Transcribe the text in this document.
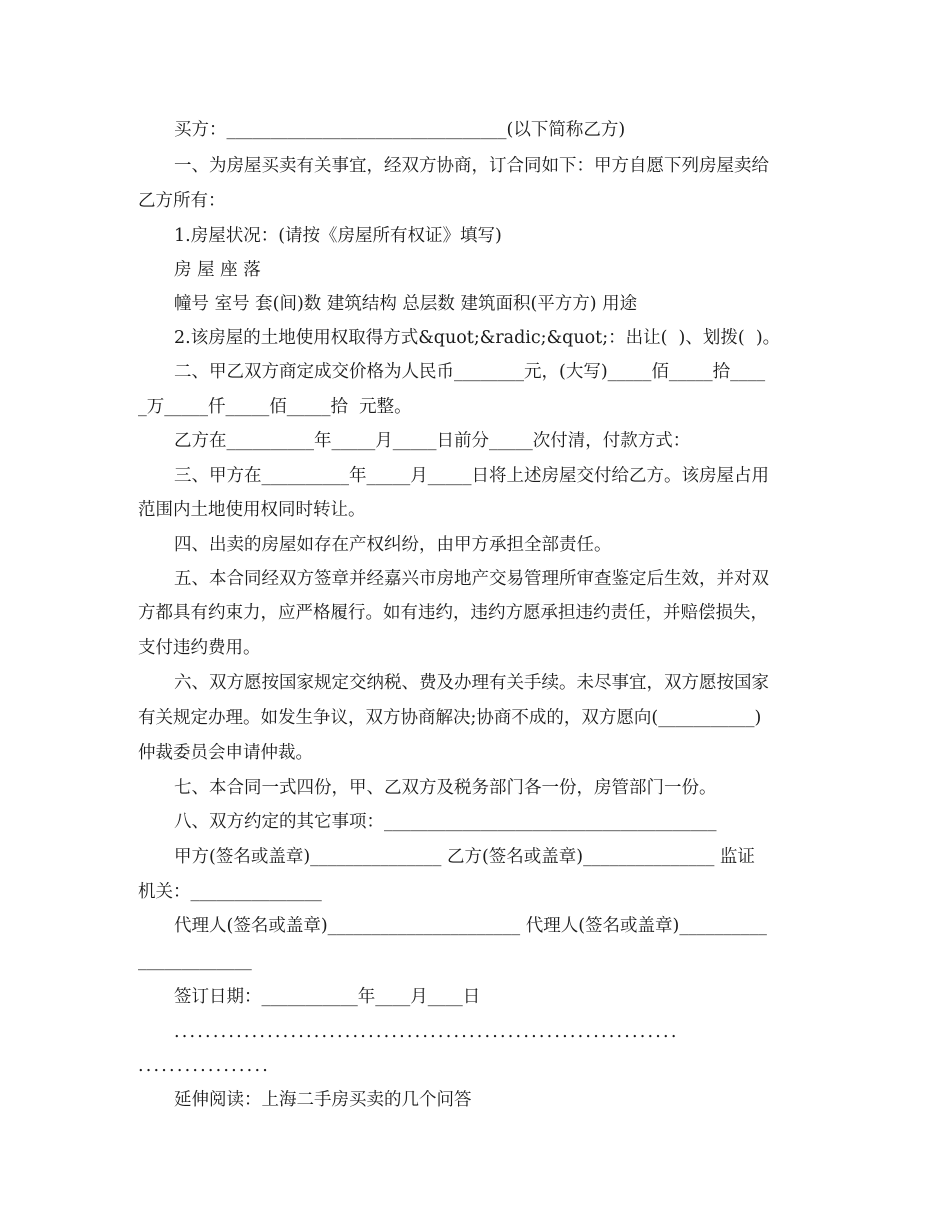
买方：________________________________(以下简称乙方)
一、为房屋买卖有关事宜，经双方协商，订合同如下：甲方自愿下列房屋卖给
乙方所有：
1.房屋状况：(请按《房屋所有权证》填写)
房 屋 座 落
幢号 室号 套(间)数 建筑结构 总层数 建筑面积(平方方) 用途
2.该房屋的土地使用权取得方式&quot;&radic;&quot;：出让(  )、划拨(  )。
二、甲乙双方商定成交价格为人民币________元，(大写)_____佰_____拾____
_万_____仟_____佰_____拾  元整。
乙方在__________年_____月_____日前分_____次付清，付款方式：
三、甲方在__________年_____月_____日将上述房屋交付给乙方。该房屋占用
范围内土地使用权同时转让。
四、出卖的房屋如存在产权纠纷，由甲方承担全部责任。
五、本合同经双方签章并经嘉兴市房地产交易管理所审查鉴定后生效，并对双
方都具有约束力，应严格履行。如有违约，违约方愿承担违约责任，并赔偿损失，
支付违约费用。
六、双方愿按国家规定交纳税、费及办理有关手续。未尽事宜，双方愿按国家
有关规定办理。如发生争议，双方协商解决;协商不成的，双方愿向(___________)
仲裁委员会申请仲裁。
七、本合同一式四份，甲、乙双方及税务部门各一份，房管部门一份。
八、双方约定的其它事项：______________________________________
甲方(签名或盖章)_______________ 乙方(签名或盖章)_______________ 监证
机关：_______________
代理人(签名或盖章)______________________ 代理人(签名或盖章)__________
_____________
签订日期：___________年____月____日
.................................................................
.................
延伸阅读：上海二手房买卖的几个问答
